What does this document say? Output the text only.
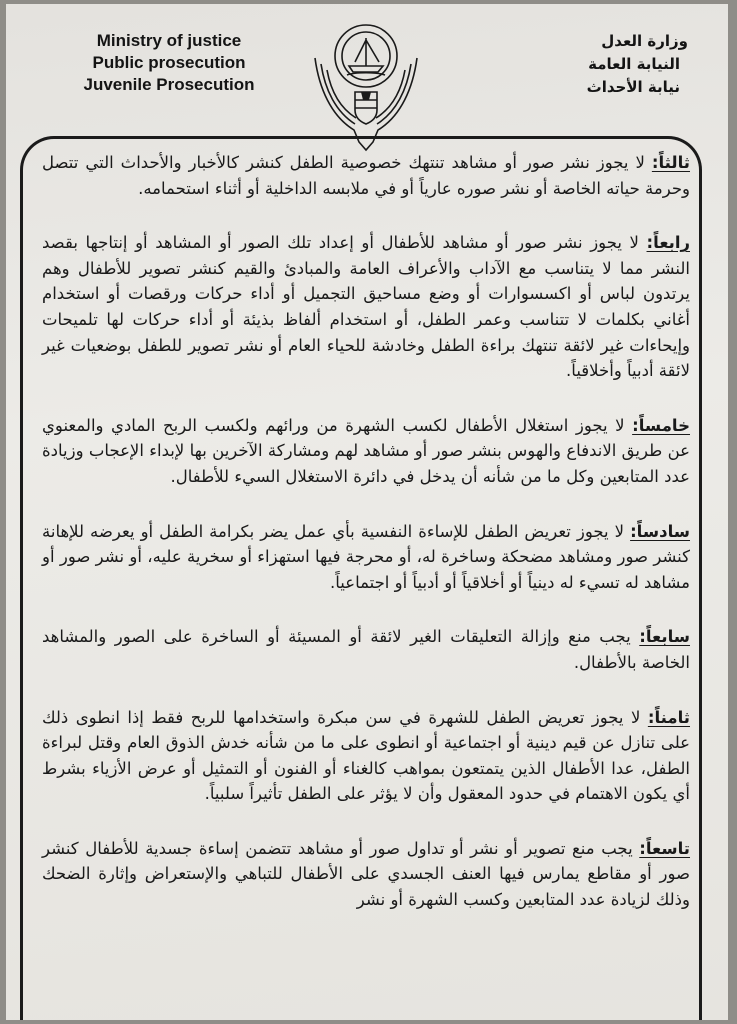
Ministry of justice
Public prosecution
Juvenile Prosecution
وزارة العدل
النيابة العامة
نيابة الأحداث

ثالثاً: لا يجوز نشر صور أو مشاهد تنتهك خصوصية الطفل كنشر كالأخبار والأحداث التي تتصل وحرمة حياته الخاصة أو نشر صوره عارياً أو في ملابسه الداخلية أو أثناء استحمامه.

رابعاً: لا يجوز نشر صور أو مشاهد للأطفال أو إعداد تلك الصور أو المشاهد أو إنتاجها بقصد النشر مما لا يتناسب مع الآداب والأعراف العامة والمبادئ والقيم كنشر تصوير للأطفال وهم يرتدون لباس أو اكسسوارات أو وضع مساحيق التجميل أو أداء حركات ورقصات أو استخدام أغاني بكلمات لا تتناسب وعمر الطفل، أو استخدام ألفاظ بذيئة أو أداء حركات لها تلميحات وإيحاءات غير لائقة تنتهك براءة الطفل وخادشة للحياء العام أو نشر تصوير للطفل بوضعيات غير لائقة أدبياً وأخلاقياً.

خامساً: لا يجوز استغلال الأطفال لكسب الشهرة من ورائهم ولكسب الربح المادي والمعنوي عن طريق الاندفاع والهوس بنشر صور أو مشاهد لهم ومشاركة الآخرين بها لإبداء الإعجاب وزيادة عدد المتابعين وكل ما من شأنه أن يدخل في دائرة الاستغلال السيء للأطفال.

سادساً: لا يجوز تعريض الطفل للإساءة النفسية بأي عمل يضر بكرامة الطفل أو يعرضه للإهانة كنشر صور ومشاهد مضحكة وساخرة له، أو محرجة فيها استهزاء أو سخرية عليه، أو نشر صور أو مشاهد له تسيء له دينياً أو أخلاقياً أو أدبياً أو اجتماعياً.

سابعاً: يجب منع وإزالة التعليقات الغير لائقة أو المسيئة أو الساخرة على الصور والمشاهد الخاصة بالأطفال.

ثامناً: لا يجوز تعريض الطفل للشهرة في سن مبكرة واستخدامها للربح فقط إذا انطوى ذلك على تنازل عن قيم دينية أو اجتماعية أو انطوى على ما من شأنه خدش الذوق العام وقتل لبراءة الطفل، عدا الأطفال الذين يتمتعون بمواهب كالغناء أو الفنون أو التمثيل أو عرض الأزياء بشرط أي يكون الاهتمام في حدود المعقول وأن لا يؤثر على الطفل تأثيراً سلبياً.

تاسعاً: يجب منع تصوير أو نشر أو تداول صور أو مشاهد تتضمن إساءة جسدية للأطفال كنشر صور أو مقاطع يمارس فيها العنف الجسدي على الأطفال للتباهي والإستعراض وإثارة الضحك وذلك لزيادة عدد المتابعين وكسب الشهرة أو نشر
